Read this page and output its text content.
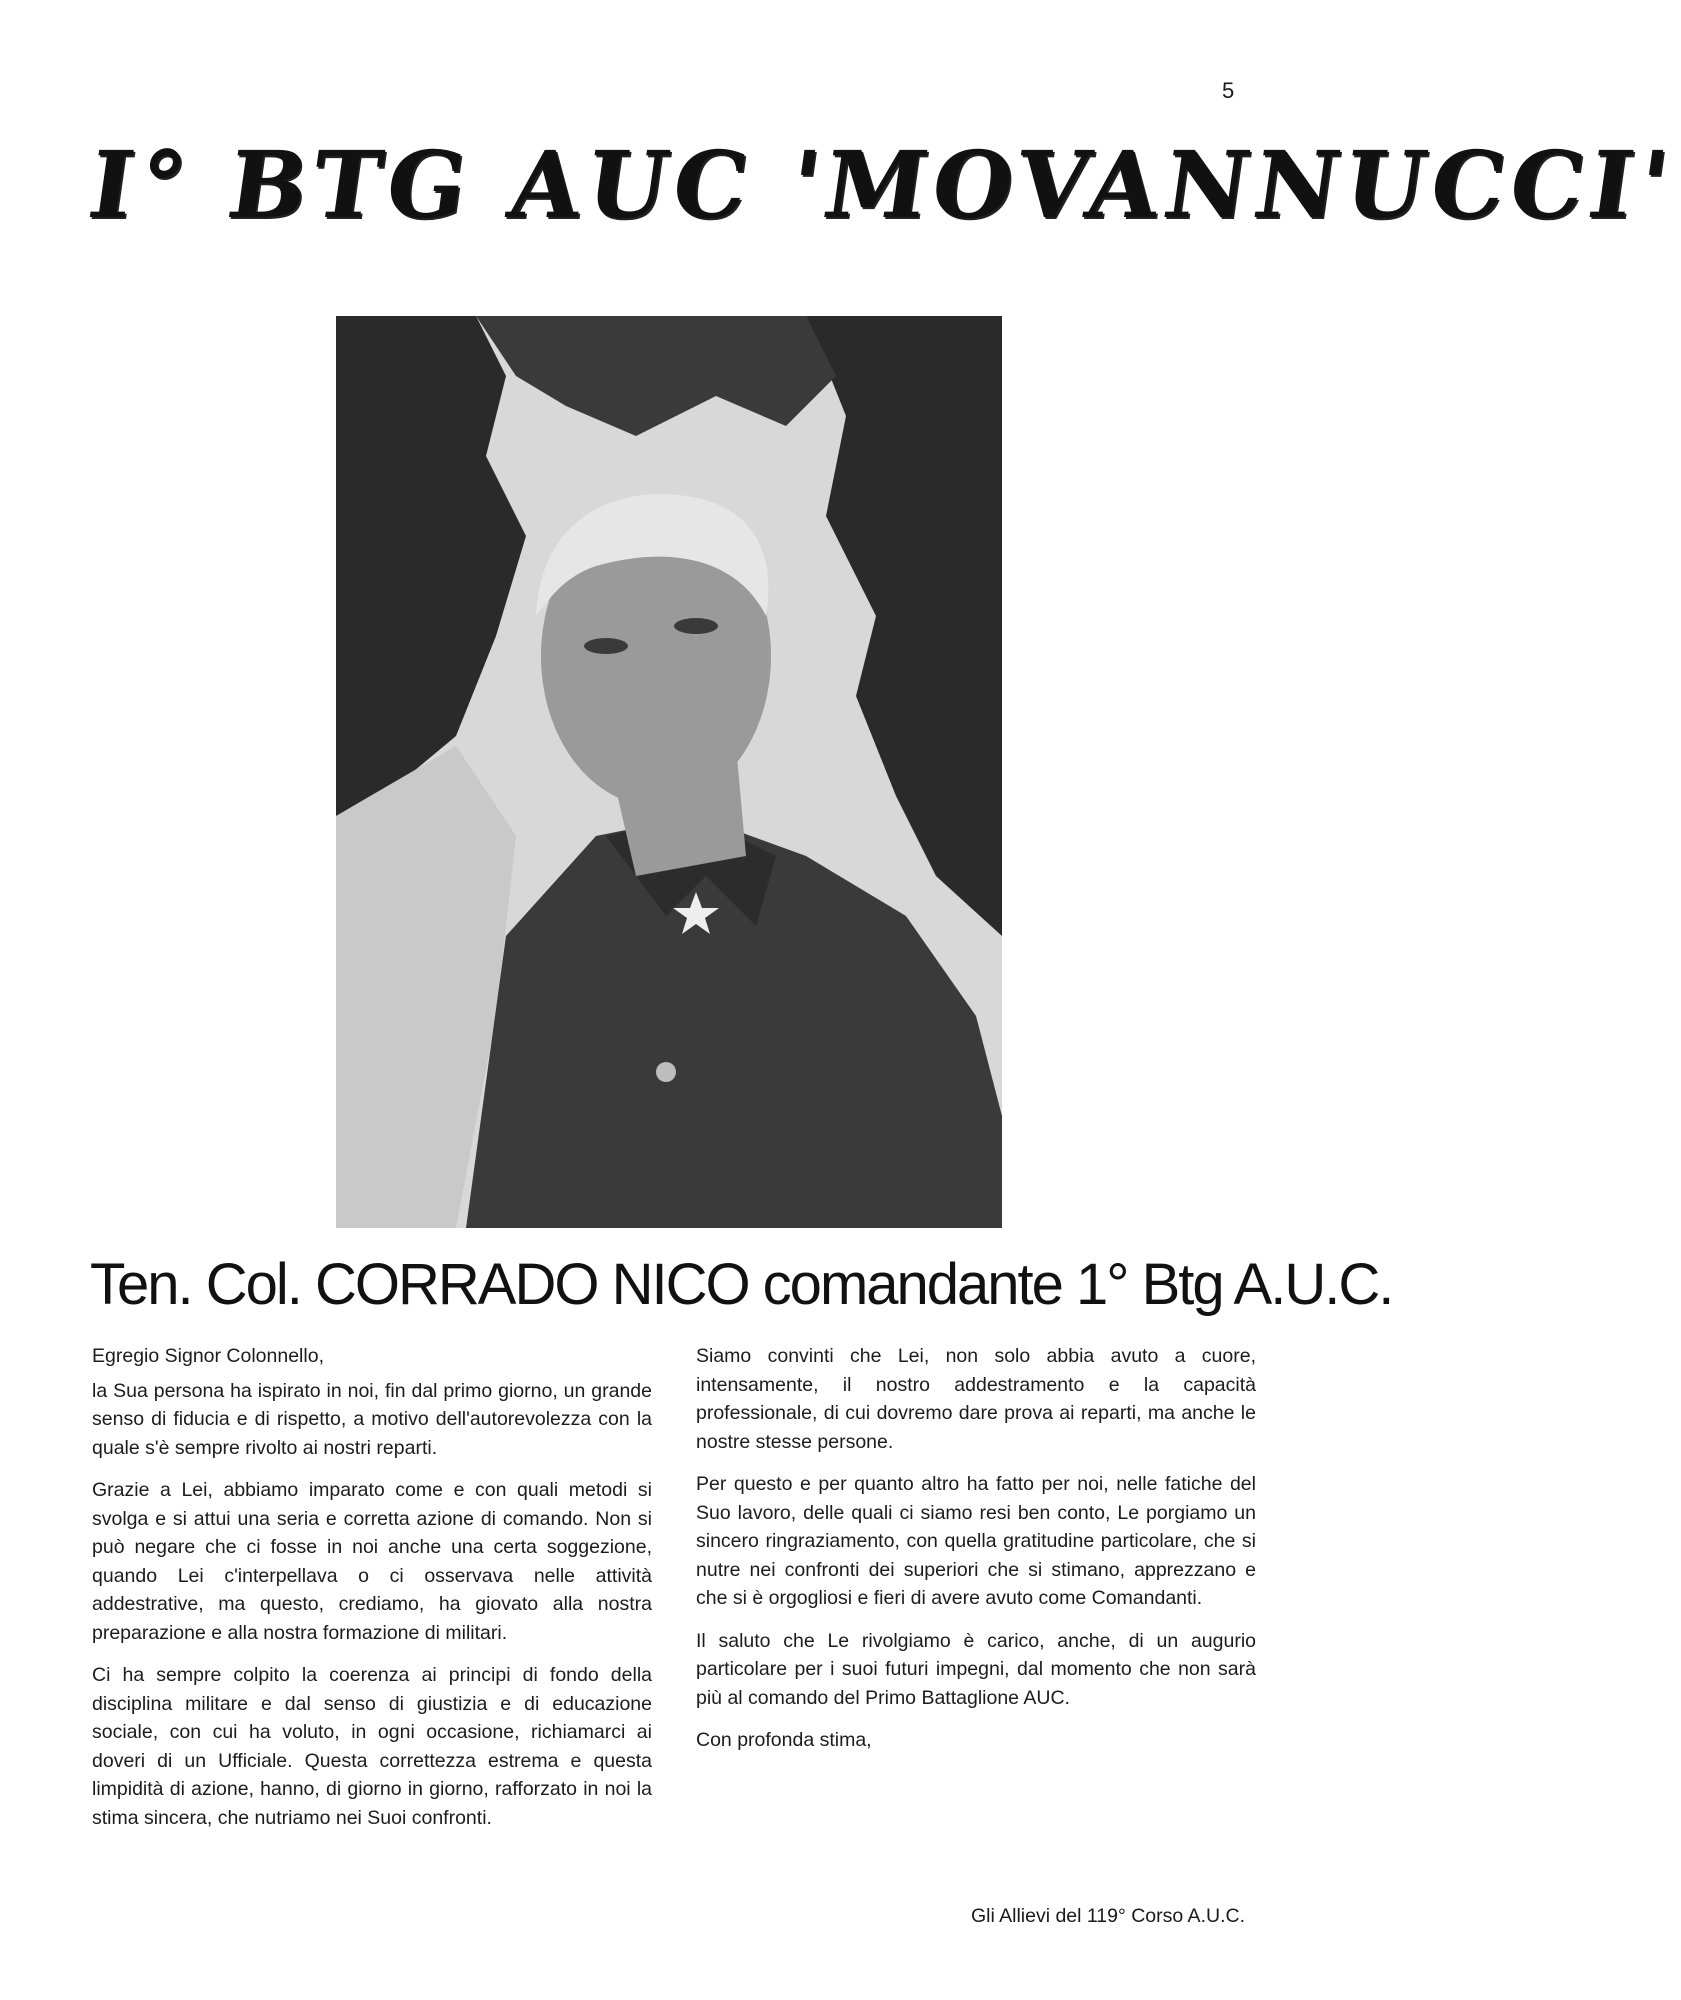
5
I° BTG AUC 'MOVANNUCCI'
Ten. Col. CORRADO NICO comandante 1° Btg A.U.C.

Egregio Signor Colonnello,

la Sua persona ha ispirato in noi, fin dal primo giorno, un grande senso di fiducia e di rispetto, a motivo dell'autorevolezza con la quale s'è sempre rivolto ai nostri reparti.

Grazie a Lei, abbiamo imparato come e con quali metodi si svolga e si attui una seria e corretta azione di comando. Non si può negare che ci fosse in noi anche una certa soggezione, quando Lei c'interpellava o ci osservava nelle attività addestrative, ma questo, crediamo, ha giovato alla nostra preparazione e alla nostra formazione di militari.

Ci ha sempre colpito la coerenza ai principi di fondo della disciplina militare e dal senso di giustizia e di educazione sociale, con cui ha voluto, in ogni occasione, richiamarci ai doveri di un Ufficiale. Questa correttezza estrema e questa limpidità di azione, hanno, di giorno in giorno, rafforzato in noi la stima sincera, che nutriamo nei Suoi confronti.

Siamo convinti che Lei, non solo abbia avuto a cuore, intensamente, il nostro addestramento e la capacità professionale, di cui dovremo dare prova ai reparti, ma anche le nostre stesse persone.

Per questo e per quanto altro ha fatto per noi, nelle fatiche del Suo lavoro, delle quali ci siamo resi ben conto, Le porgiamo un sincero ringraziamento, con quella gratitudine particolare, che si nutre nei confronti dei superiori che si stimano, apprezzano e che si è orgogliosi e fieri di avere avuto come Comandanti.

Il saluto che Le rivolgiamo è carico, anche, di un augurio particolare per i suoi futuri impegni, dal momento che non sarà più al comando del Primo Battaglione AUC.

Con profonda stima,

Gli Allievi del 119° Corso A.U.C.
